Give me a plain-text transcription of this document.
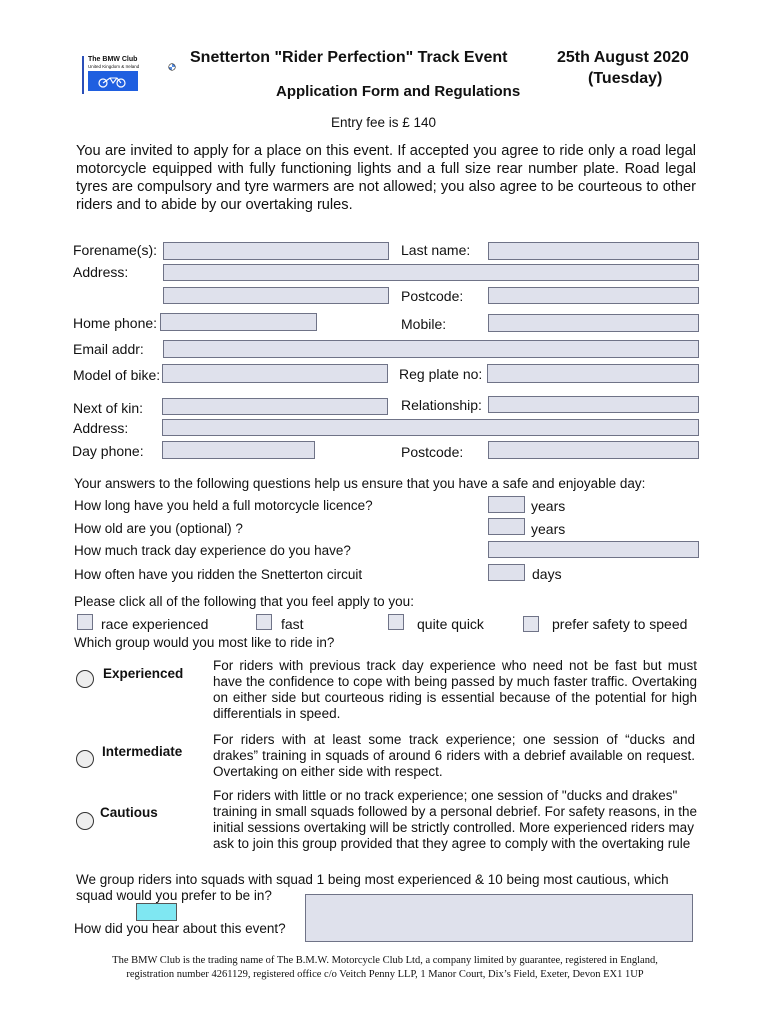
The BMW Club
United Kingdom & Ireland
Snetterton "Rider Perfection" Track Event	25th August 2020
(Tuesday)
Application Form and Regulations
Entry fee is £ 140
You are invited to apply for a place on this event. If accepted you agree to ride only a road legal motorcycle equipped with fully functioning lights and a full size rear number plate. Road legal tyres are compulsory and tyre warmers are not allowed; you also agree to be courteous to other riders and to abide by our overtaking rules.
Forename(s):	Last name:
Address:
Postcode:
Home phone:	Mobile:
Email addr:
Model of bike:	Reg plate no:
Next of kin:	Relationship:
Address:
Day phone:	Postcode:
Your answers to the following questions help us ensure that you have a safe and enjoyable day:
How long have you held a full motorcycle licence?	years
How old are you (optional) ?	years
How much track day experience do you have?
How often have you ridden the Snetterton circuit	days
Please click all of the following that you feel apply to you:
race experienced	fast	quite quick	prefer safety to speed
Which group would you most like to ride in?
Experienced
For riders with previous track day experience who need not be fast but must have the confidence to cope with being passed by much faster traffic. Overtaking on either side but courteous riding is essential because of the potential for high differentials in speed.
Intermediate
For riders with at least some track experience; one session of “ducks and drakes” training in squads of around 6 riders with a debrief available on request. Overtaking on either side with respect.
Cautious
For riders with little or no track experience; one session of "ducks and drakes" training in small squads followed by a personal debrief. For safety reasons, in the initial sessions overtaking will be strictly controlled. More experienced riders may ask to join this group provided that they agree to comply with the overtaking rule
We group riders into squads with squad 1 being most experienced & 10 being most cautious, which
squad would you prefer to be in?
How did you hear about this event?
The BMW Club is the trading name of The B.M.W. Motorcycle Club Ltd, a company limited by guarantee, registered in England,
registration number 4261129, registered office c/o Veitch Penny LLP, 1 Manor Court, Dix’s Field, Exeter, Devon EX1 1UP
